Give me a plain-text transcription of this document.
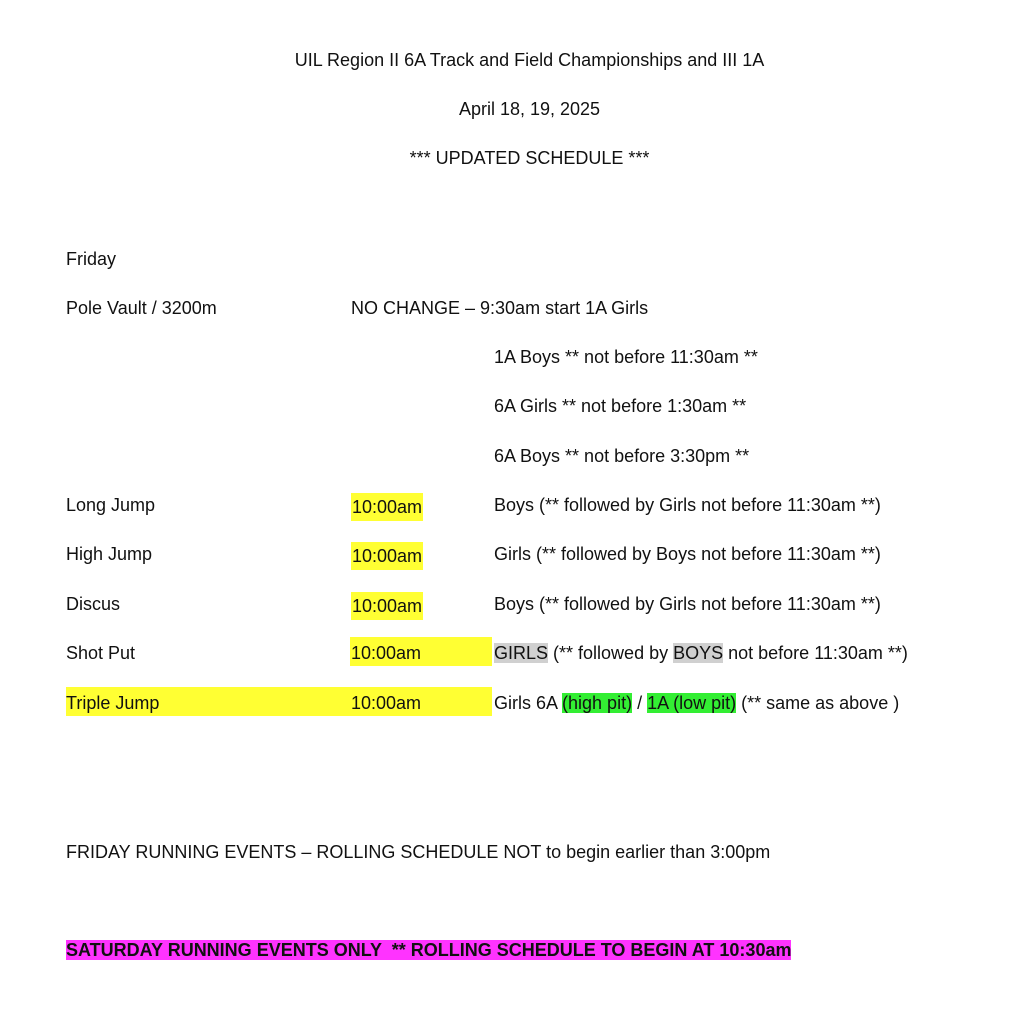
UIL Region II 6A Track and Field Championships and III 1A
April 18, 19, 2025
*** UPDATED SCHEDULE ***
Friday
Pole Vault / 3200m	NO CHANGE – 9:30am start 1A Girls
1A Boys ** not before 11:30am **
6A Girls ** not before 1:30am **
6A Boys ** not before 3:30pm **
Long Jump	10:00am	Boys (** followed by Girls not before 11:30am **)
High Jump	10:00am	Girls (** followed by Boys not before 11:30am **)
Discus	10:00am	Boys (** followed by Girls not before 11:30am **)
Shot Put	10:00am	GIRLS (** followed by BOYS not before 11:30am **)
Triple Jump	10:00am	Girls 6A (high pit) / 1A (low pit) (** same as above )
FRIDAY RUNNING EVENTS – ROLLING SCHEDULE NOT to begin earlier than 3:00pm
SATURDAY RUNNING EVENTS ONLY  ** ROLLING SCHEDULE TO BEGIN AT 10:30am
